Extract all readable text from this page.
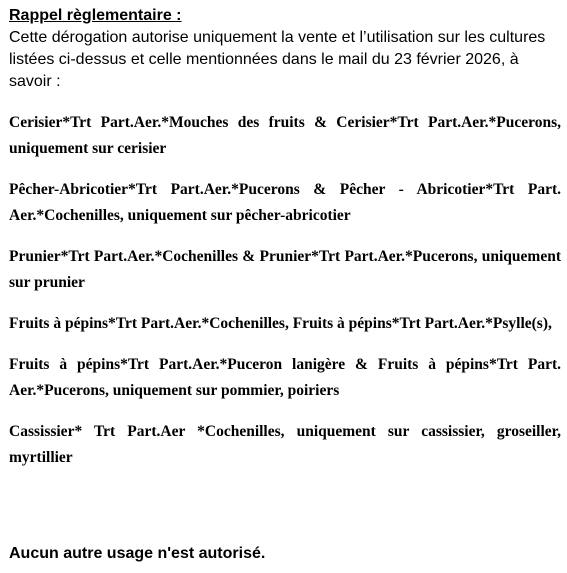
Rappel règlementaire :

Cette dérogation autorise uniquement la vente et l’utilisation sur les cultures listées ci-dessus et celle mentionnées dans le mail du 23 février 2026, à savoir :

Cerisier*Trt Part.Aer.*Mouches des fruits & Cerisier*Trt Part.Aer.*Pucerons, uniquement sur cerisier

Pêcher-Abricotier*Trt Part.Aer.*Pucerons & Pêcher - Abricotier*Trt Part. Aer.*Cochenilles, uniquement sur pêcher-abricotier

Prunier*Trt Part.Aer.*Cochenilles & Prunier*Trt Part.Aer.*Pucerons, uniquement sur prunier

Fruits à pépins*Trt Part.Aer.*Cochenilles, Fruits à pépins*Trt Part.Aer.*Psylle(s),

Fruits à pépins*Trt Part.Aer.*Puceron lanigère & Fruits à pépins*Trt Part. Aer.*Pucerons, uniquement sur pommier, poiriers

Cassissier* Trt Part.Aer *Cochenilles, uniquement sur cassissier, groseiller, myrtillier

Aucun autre usage n'est autorisé.
